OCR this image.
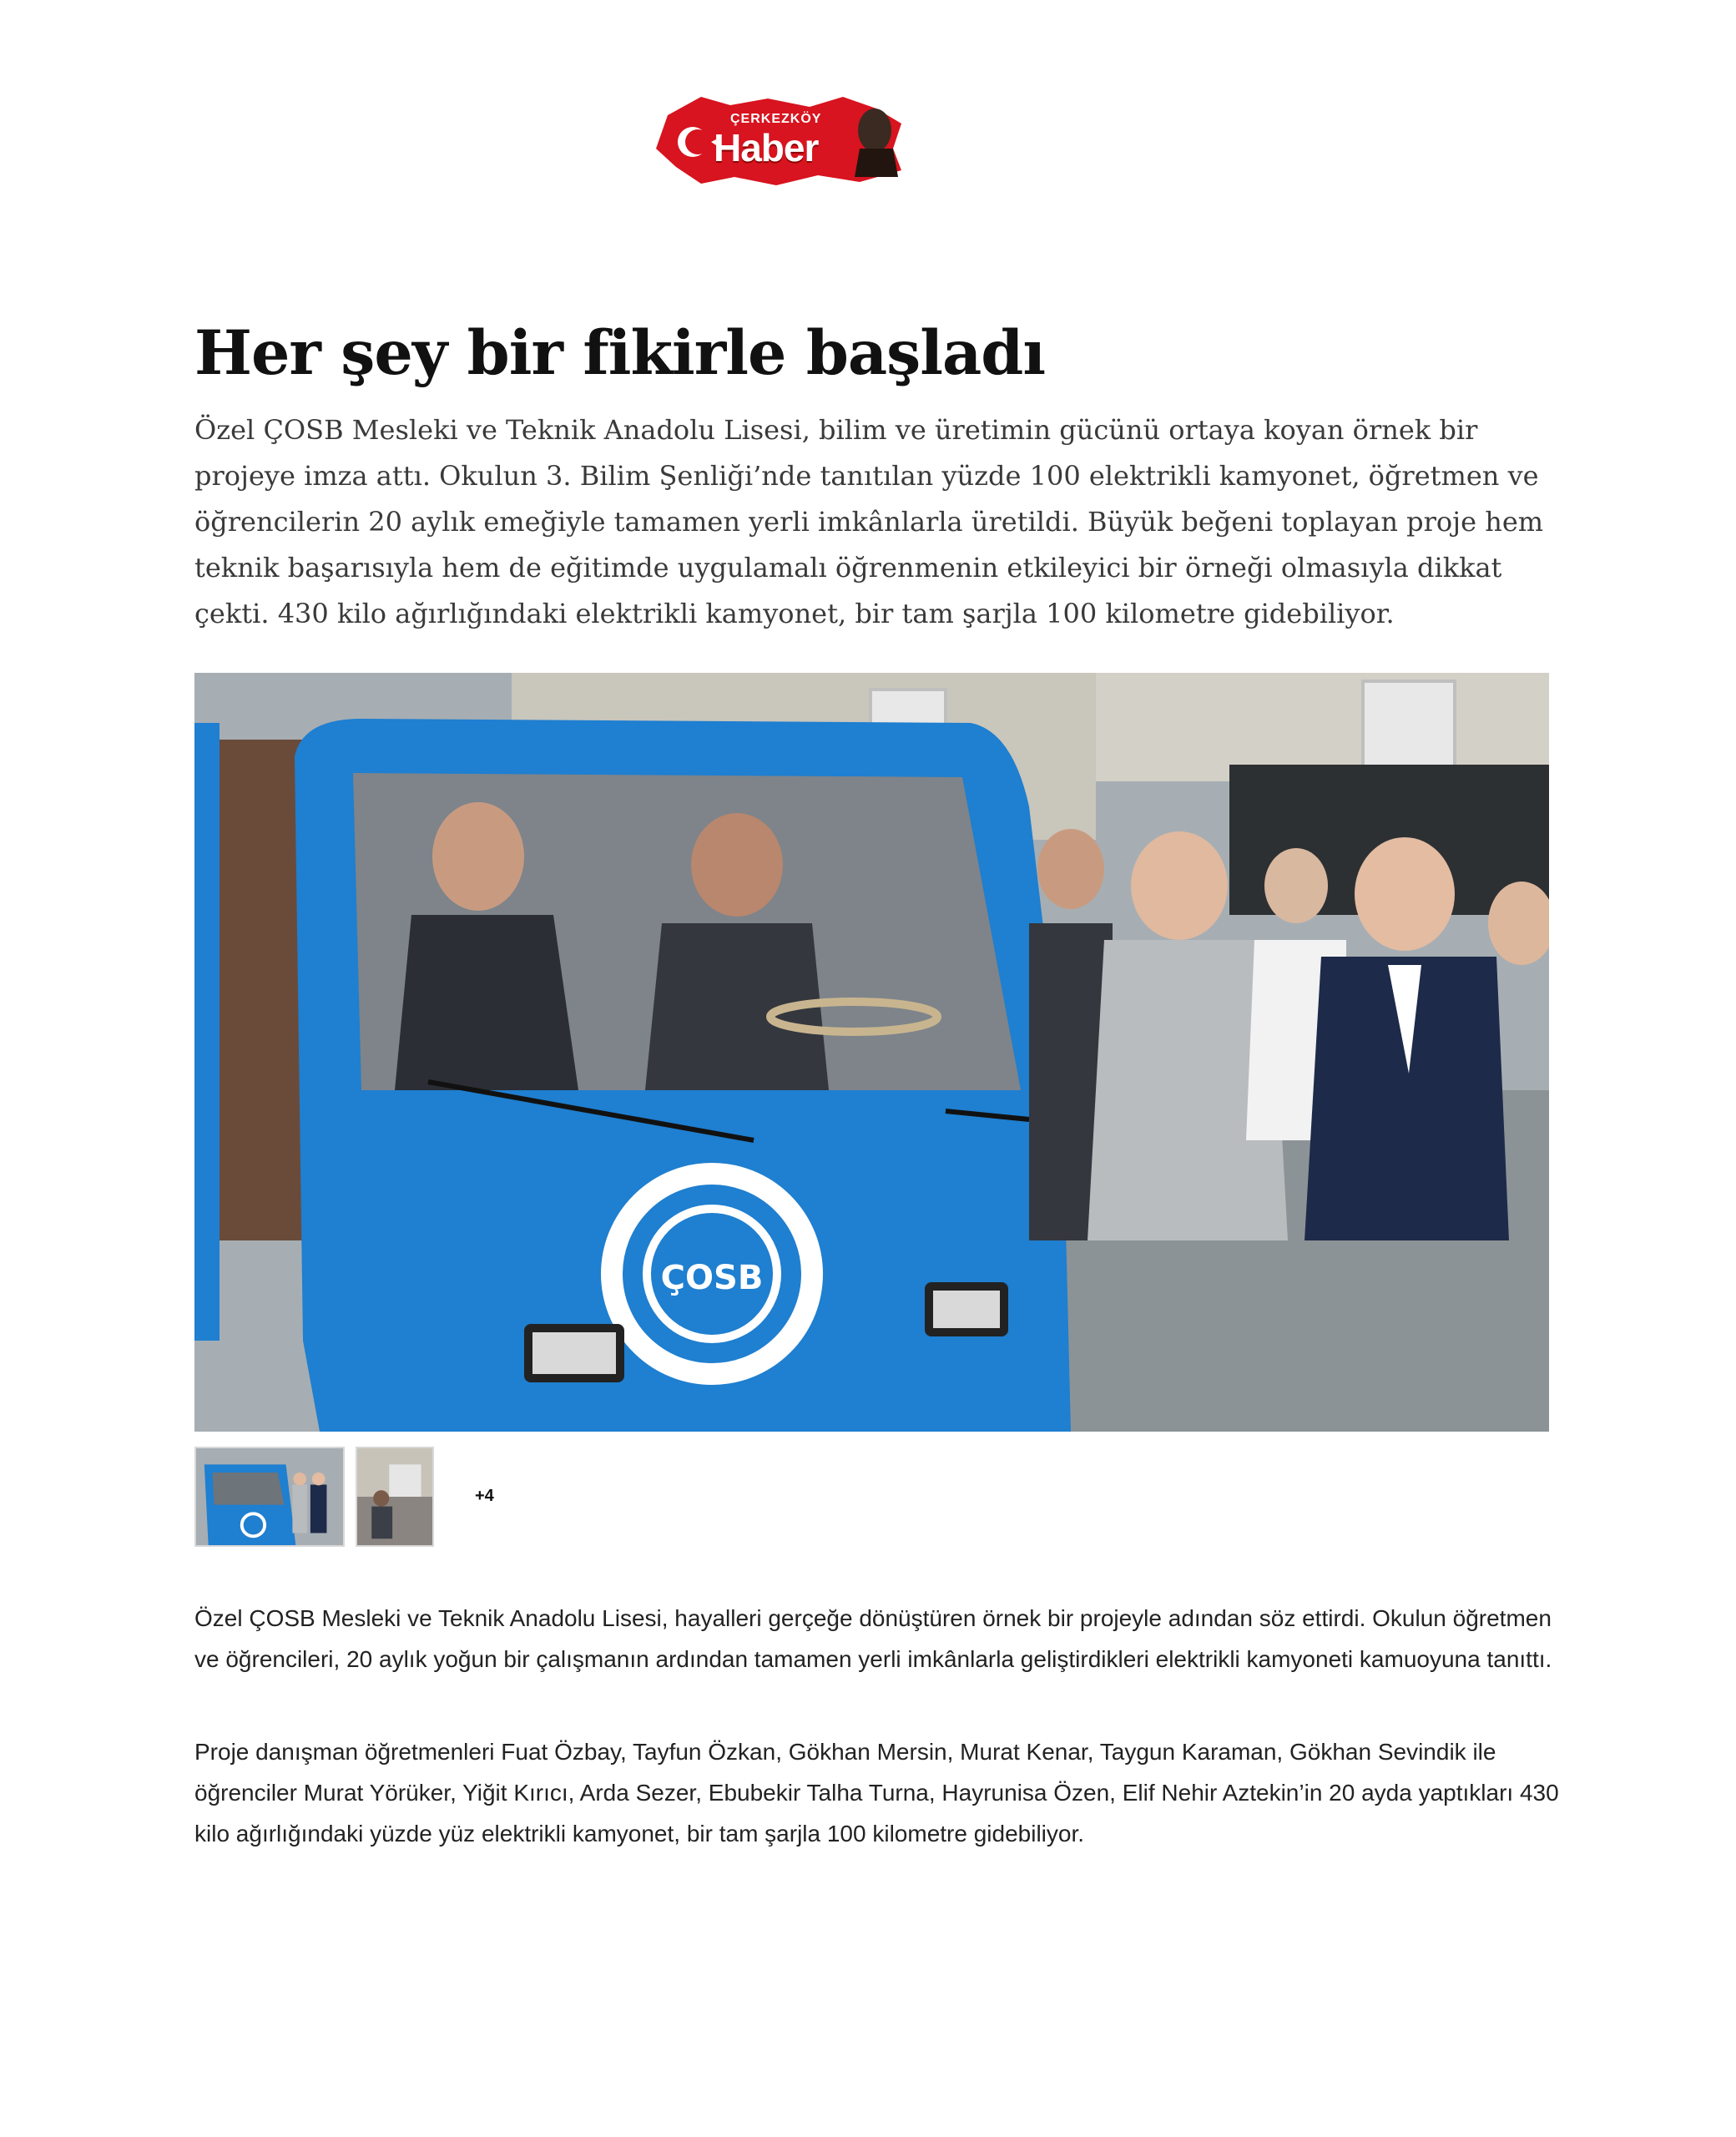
ÇERKEZKÖY
Haber
Her şey bir fikirle başladı

Özel ÇOSB Mesleki ve Teknik Anadolu Lisesi, bilim ve üretimin gücünü ortaya koyan örnek bir projeye imza attı. Okulun 3. Bilim Şenliği’nde tanıtılan yüzde 100 elektrikli kamyonet, öğretmen ve öğrencilerin 20 aylık emeğiyle tamamen yerli imkânlarla üretildi. Büyük beğeni toplayan proje hem teknik başarısıyla hem de eğitimde uygulamalı öğrenmenin etkileyici bir örneği olmasıyla dikkat çekti. 430 kilo ağırlığındaki elektrikli kamyonet, bir tam şarjla 100 kilometre gidebiliyor.

ÇOSB
+4

Özel ÇOSB Mesleki ve Teknik Anadolu Lisesi, hayalleri gerçeğe dönüştüren örnek bir projeyle adından söz ettirdi. Okulun öğretmen ve öğrencileri, 20 aylık yoğun bir çalışmanın ardından tamamen yerli imkânlarla geliştirdikleri elektrikli kamyoneti kamuoyuna tanıttı.

Proje danışman öğretmenleri Fuat Özbay, Tayfun Özkan, Gökhan Mersin, Murat Kenar, Taygun Karaman, Gökhan Sevindik ile öğrenciler Murat Yörüker, Yiğit Kırıcı, Arda Sezer, Ebubekir Talha Turna, Hayrunisa Özen, Elif Nehir Aztekin’in 20 ayda yaptıkları 430 kilo ağırlığındaki yüzde yüz elektrikli kamyonet, bir tam şarjla 100 kilometre gidebiliyor.
